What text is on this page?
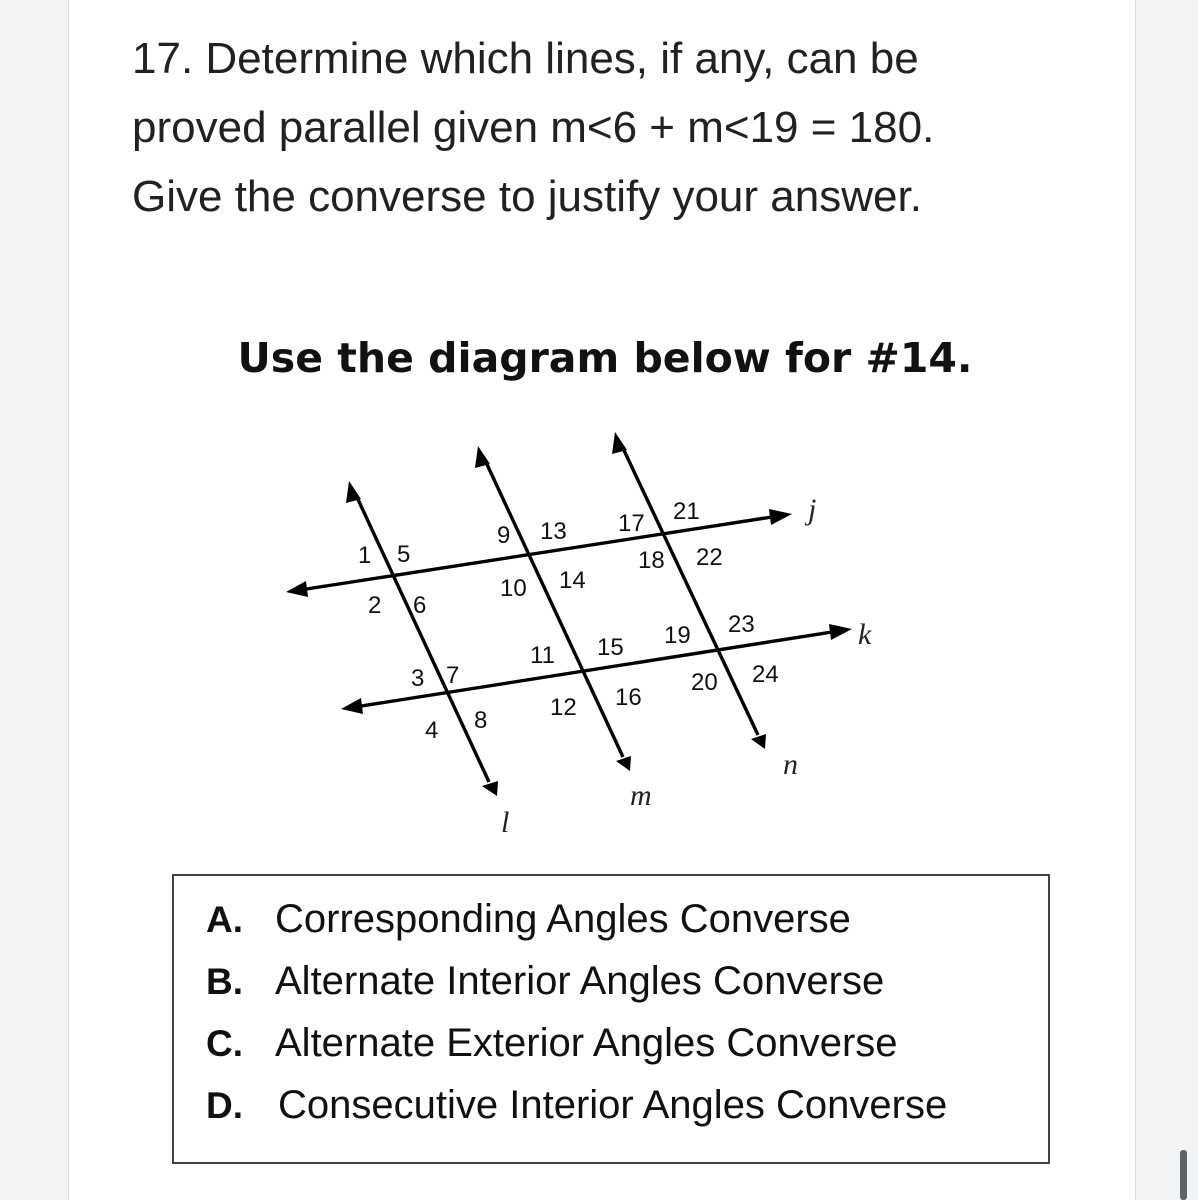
17. Determine which lines, if any, can be
proved parallel given m<6 + m<19 = 180.
Give the converse to justify your answer.
Use the diagram below for #14.
j
k
l
m
n
1
2
3
4
5
6
7
8
9
10
11
12
13
14
15
16
17
18
19
20
21
22
23
24
A. Corresponding Angles Converse
B. Alternate Interior Angles Converse
C. Alternate Exterior Angles Converse
D. Consecutive Interior Angles Converse
